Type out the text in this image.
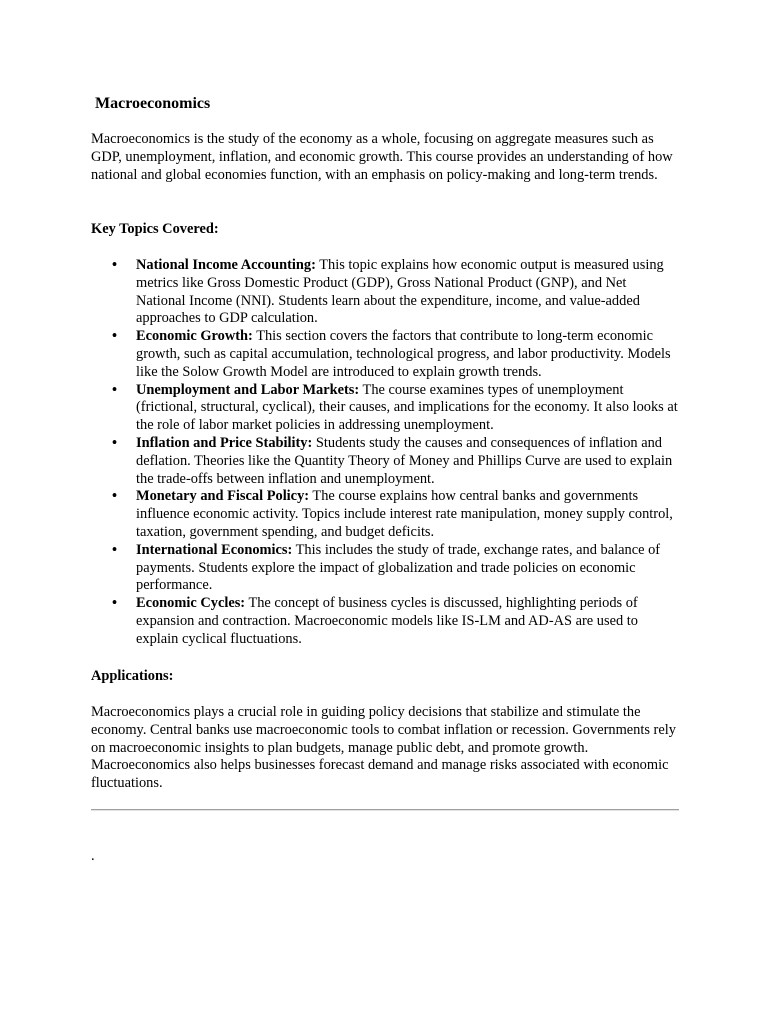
Macroeconomics

Macroeconomics is the study of the economy as a whole, focusing on aggregate measures such as GDP, unemployment, inflation, and economic growth. This course provides an understanding of how national and global economies function, with an emphasis on policy-making and long-term trends.

Key Topics Covered:

• National Income Accounting: This topic explains how economic output is measured using metrics like Gross Domestic Product (GDP), Gross National Product (GNP), and Net National Income (NNI). Students learn about the expenditure, income, and value-added approaches to GDP calculation.
• Economic Growth: This section covers the factors that contribute to long-term economic growth, such as capital accumulation, technological progress, and labor productivity. Models like the Solow Growth Model are introduced to explain growth trends.
• Unemployment and Labor Markets: The course examines types of unemployment (frictional, structural, cyclical), their causes, and implications for the economy. It also looks at the role of labor market policies in addressing unemployment.
• Inflation and Price Stability: Students study the causes and consequences of inflation and deflation. Theories like the Quantity Theory of Money and Phillips Curve are used to explain the trade-offs between inflation and unemployment.
• Monetary and Fiscal Policy: The course explains how central banks and governments influence economic activity. Topics include interest rate manipulation, money supply control, taxation, government spending, and budget deficits.
• International Economics: This includes the study of trade, exchange rates, and balance of payments. Students explore the impact of globalization and trade policies on economic performance.
• Economic Cycles: The concept of business cycles is discussed, highlighting periods of expansion and contraction. Macroeconomic models like IS-LM and AD-AS are used to explain cyclical fluctuations.

Applications:

Macroeconomics plays a crucial role in guiding policy decisions that stabilize and stimulate the economy. Central banks use macroeconomic tools to combat inflation or recession. Governments rely on macroeconomic insights to plan budgets, manage public debt, and promote growth. Macroeconomics also helps businesses forecast demand and manage risks associated with economic fluctuations.

.
